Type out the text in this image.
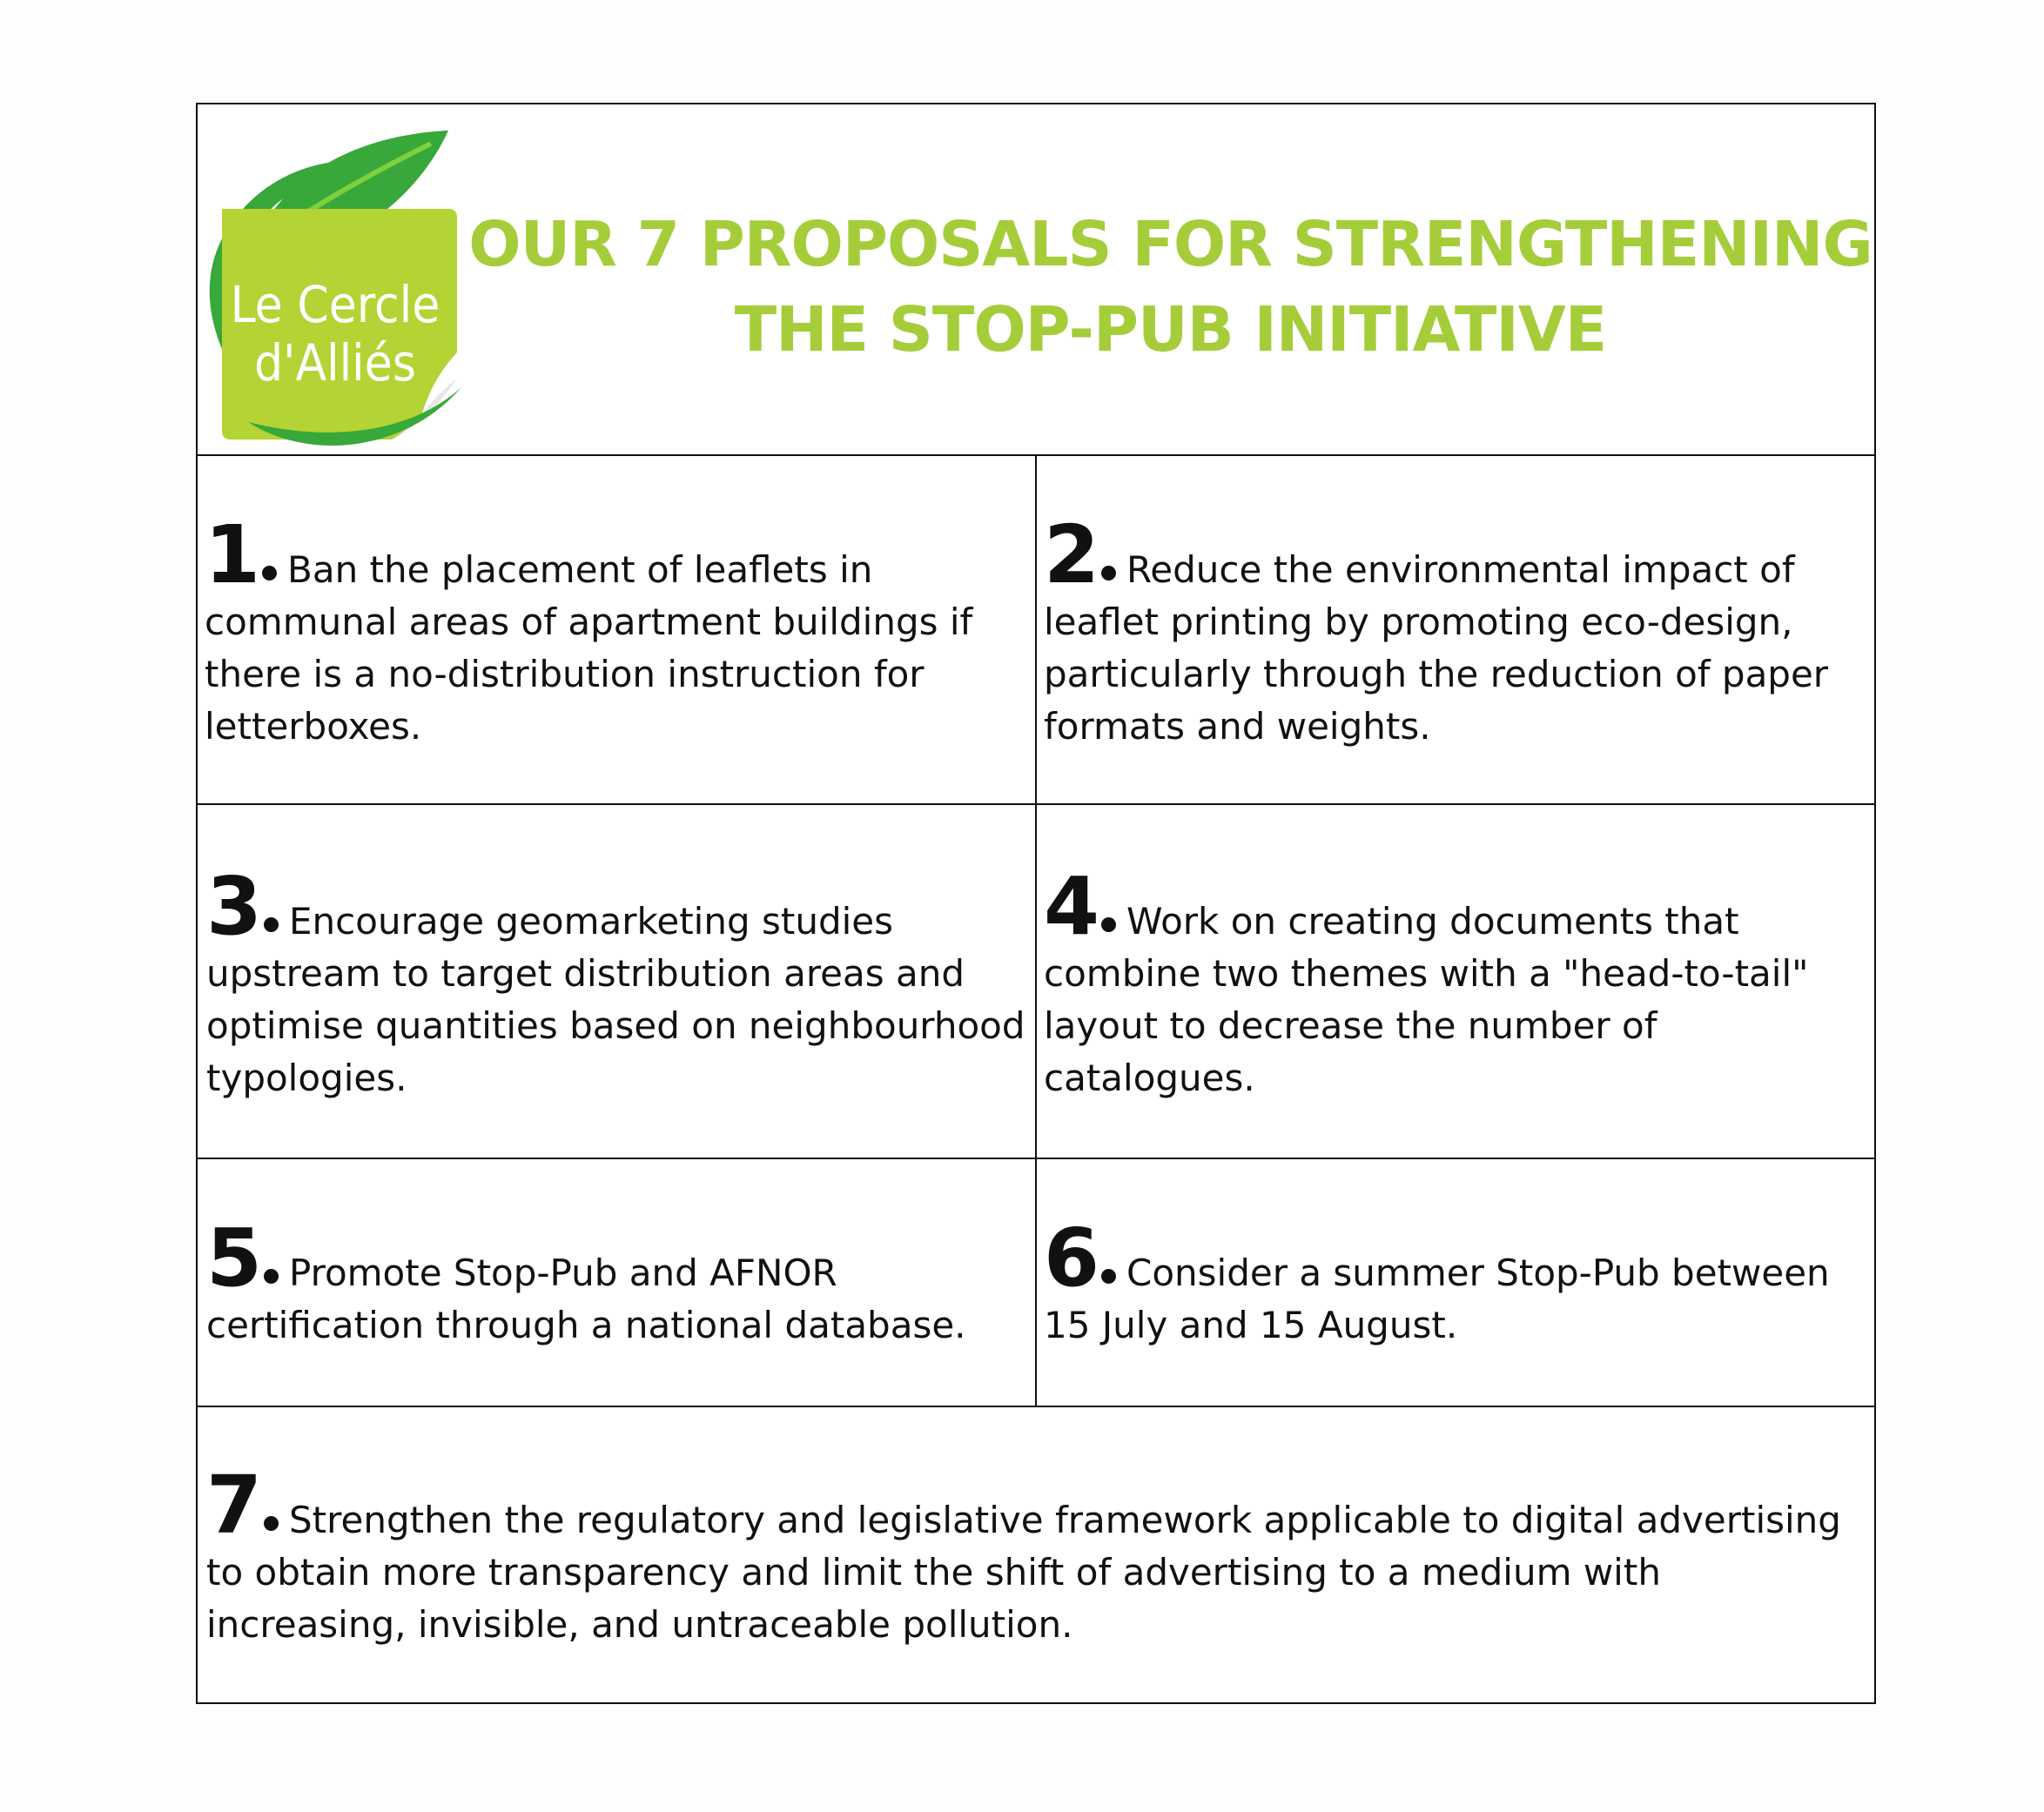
Le Cercle
d'Alliés
OUR 7 PROPOSALS FOR STRENGTHENING
THE STOP-PUB INITIATIVE

1 Ban the placement of leaflets in communal areas of apartment buildings if there is a no-distribution instruction for letterboxes.

2 Reduce the environmental impact of leaflet printing by promoting eco-design, particularly through the reduction of paper formats and weights.

3 Encourage geomarketing studies upstream to target distribution areas and optimise quantities based on neighbourhood typologies.

4 Work on creating documents that combine two themes with a "head-to-tail" layout to decrease the number of catalogues.

5 Promote Stop-Pub and AFNOR certification through a national database.

6 Consider a summer Stop-Pub between 15 July and 15 August.

7 Strengthen the regulatory and legislative framework applicable to digital advertising to obtain more transparency and limit the shift of advertising to a medium with increasing, invisible, and untraceable pollution.
